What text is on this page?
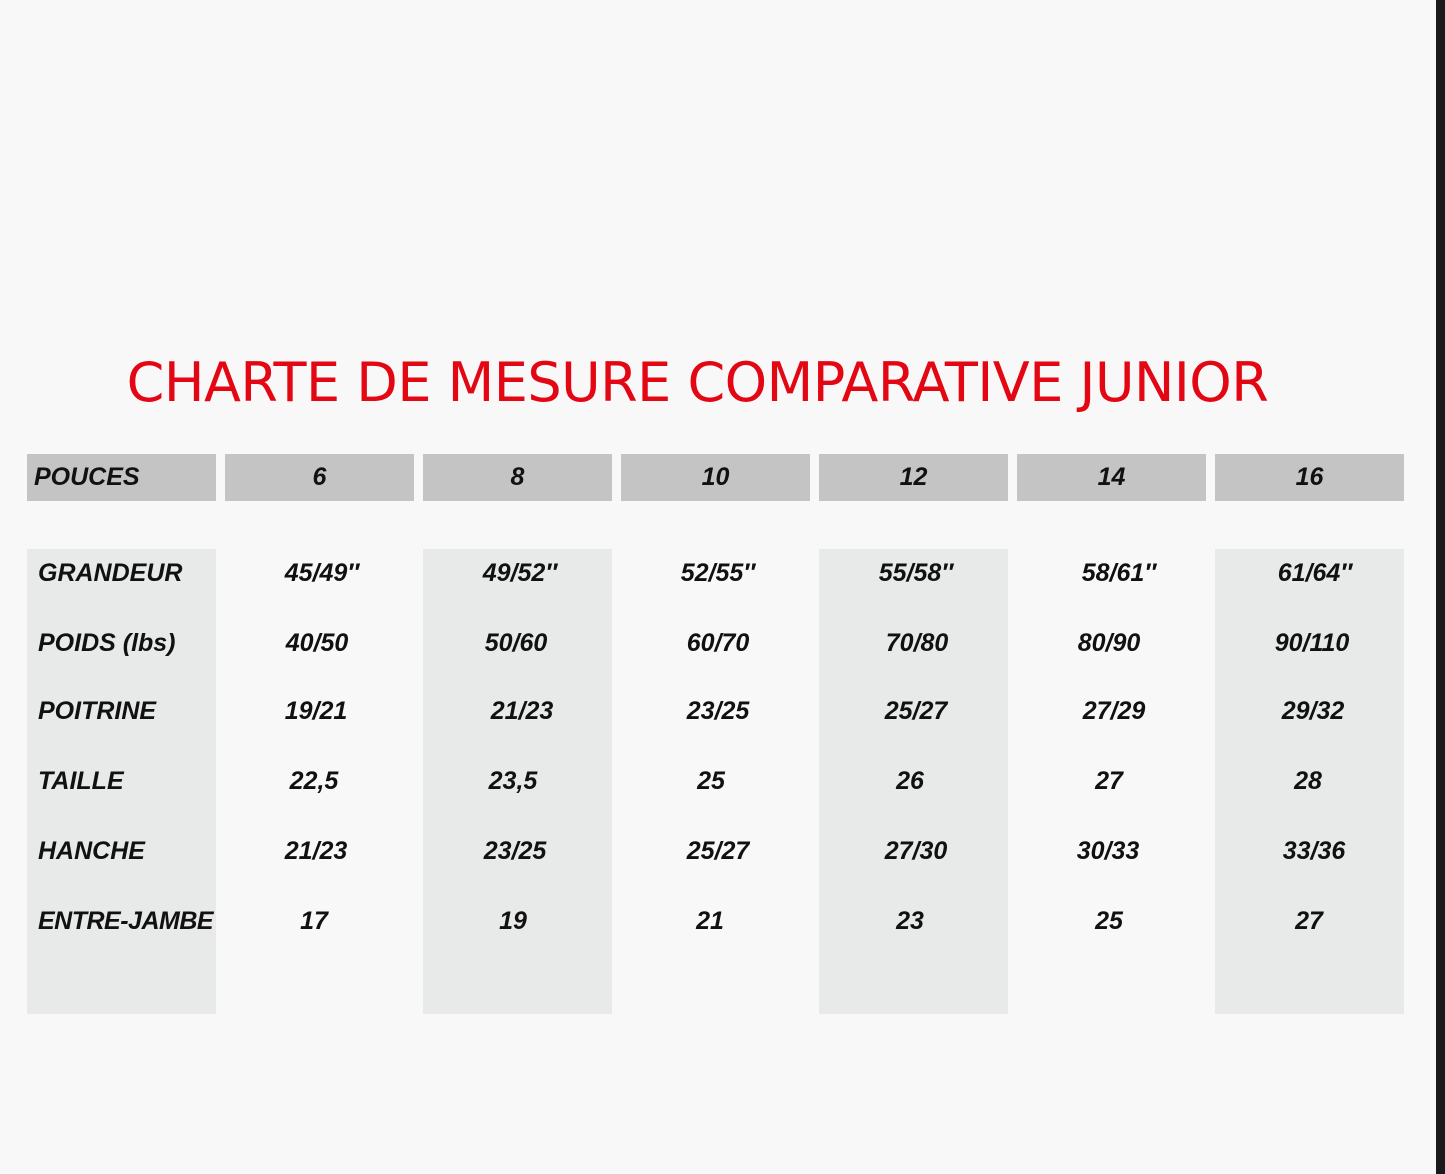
CHARTE DE MESURE COMPARATIVE JUNIOR
POUCES	6	8	10	12	14	16
GRANDEUR	45/49″	49/52″	52/55″	55/58″	58/61″	61/64″
POIDS (lbs)	40/50	50/60	60/70	70/80	80/90	90/110
POITRINE	19/21	21/23	23/25	25/27	27/29	29/32
TAILLE	22,5	23,5	25	26	27	28
HANCHE	21/23	23/25	25/27	27/30	30/33	33/36
ENTRE-JAMBE	17	19	21	23	25	27
